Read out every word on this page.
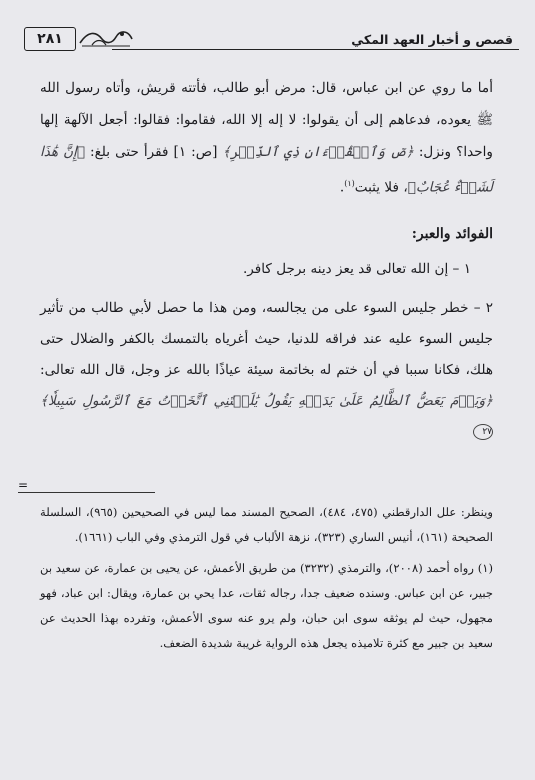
قصص و أخبار العهد المكي
٢٨١

أما ما روي عن ابن عباس، قال: مرض أبو طالب، فأتته قريش، وأتاه رسول الله ﷺ يعوده، فدعاهم إلى أن يقولوا: لا إله إلا الله، فقاموا: فقالوا: أجعل الآلهة إلها واحدا؟ ونزل: ﴿صٓ وَٱلۡقُرۡءَانِ ذِي ٱلذِّكۡرِ﴾ [ص: ١] فقرأ حتى بلغ: ﴿إِنَّ هَٰذَا لَشَيۡءٌ عُجَابٌ﴾، فلا يثبت$^{(١)}$.

الفوائد والعبر:

١ – إن الله تعالى قد يعز دينه برجل كافر.

٢ – خطر جليس السوء على من يجالسه، ومن هذا ما حصل لأبي طالب من تأثير جليس السوء عليه عند فراقه للدنيا، حيث أغرياه بالتمسك بالكفر والضلال حتى هلك، فكانا سببا في أن ختم له بخاتمة سيئة عياذًا بالله عز وجل، قال الله تعالى: ﴿وَيَوۡمَ يَعَضُّ ٱلظَّالِمُ عَلَىٰ يَدَيۡهِ يَقُولُ يَٰلَيۡتَنِي ٱتَّخَذۡتُ مَعَ ٱلرَّسُولِ سَبِيلٗا﴾ ٢٧

=

وينظر: علل الدارقطني (٤٧٥، ٤٨٤)، الصحيح المسند مما ليس في الصحيحين (٩٦٥)، السلسلة الصحيحة (١٦١)، أنيس الساري (٣٢٣)، نزهة الألباب في قول الترمذي وفي الباب (١٦٦١).

(١) رواه أحمد (٢٠٠٨)، والترمذي (٣٢٣٢) من طريق الأعمش، عن يحيى بن عمارة، عن سعيد بن جبير، عن ابن عباس. وسنده ضعيف جدا، رجاله ثقات، عدا يحي بن عمارة، ويقال: ابن عباد، فهو مجهول، حيث لم يوثقه سوى ابن حبان، ولم يرو عنه سوى الأعمش، وتفرده بهذا الحديث عن سعيد بن جبير مع كثرة تلاميذه يجعل هذه الرواية غريبة شديدة الضعف.
